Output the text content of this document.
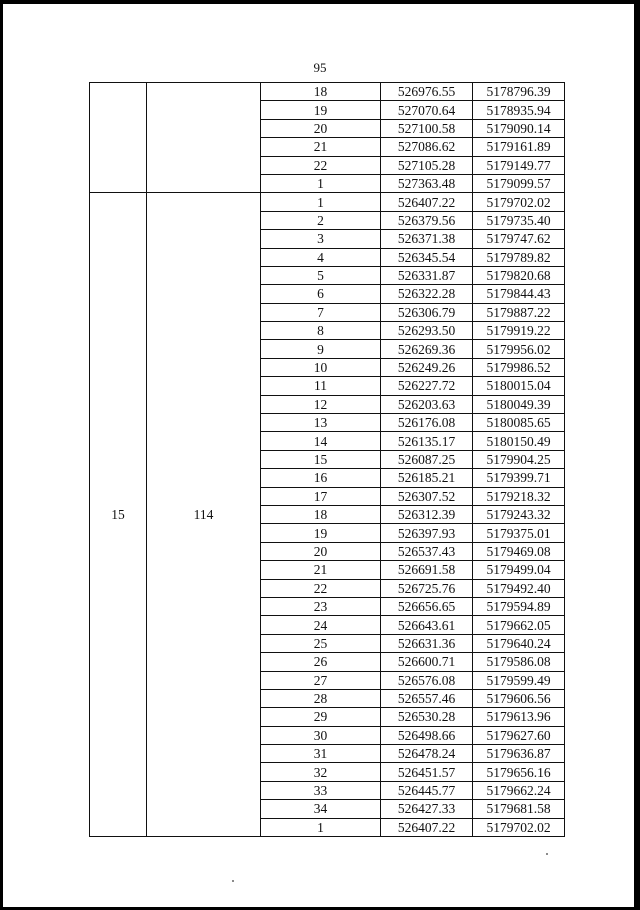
95
		18	526976.55	5178796.39
		19	527070.64	5178935.94
		20	527100.58	5179090.14
		21	527086.62	5179161.89
		22	527105.28	5179149.77
		1	527363.48	5179099.57
15	114	1	526407.22	5179702.02
		2	526379.56	5179735.40
		3	526371.38	5179747.62
		4	526345.54	5179789.82
		5	526331.87	5179820.68
		6	526322.28	5179844.43
		7	526306.79	5179887.22
		8	526293.50	5179919.22
		9	526269.36	5179956.02
		10	526249.26	5179986.52
		11	526227.72	5180015.04
		12	526203.63	5180049.39
		13	526176.08	5180085.65
		14	526135.17	5180150.49
		15	526087.25	5179904.25
		16	526185.21	5179399.71
		17	526307.52	5179218.32
		18	526312.39	5179243.32
		19	526397.93	5179375.01
		20	526537.43	5179469.08
		21	526691.58	5179499.04
		22	526725.76	5179492.40
		23	526656.65	5179594.89
		24	526643.61	5179662.05
		25	526631.36	5179640.24
		26	526600.71	5179586.08
		27	526576.08	5179599.49
		28	526557.46	5179606.56
		29	526530.28	5179613.96
		30	526498.66	5179627.60
		31	526478.24	5179636.87
		32	526451.57	5179656.16
		33	526445.77	5179662.24
		34	526427.33	5179681.58
		1	526407.22	5179702.02
